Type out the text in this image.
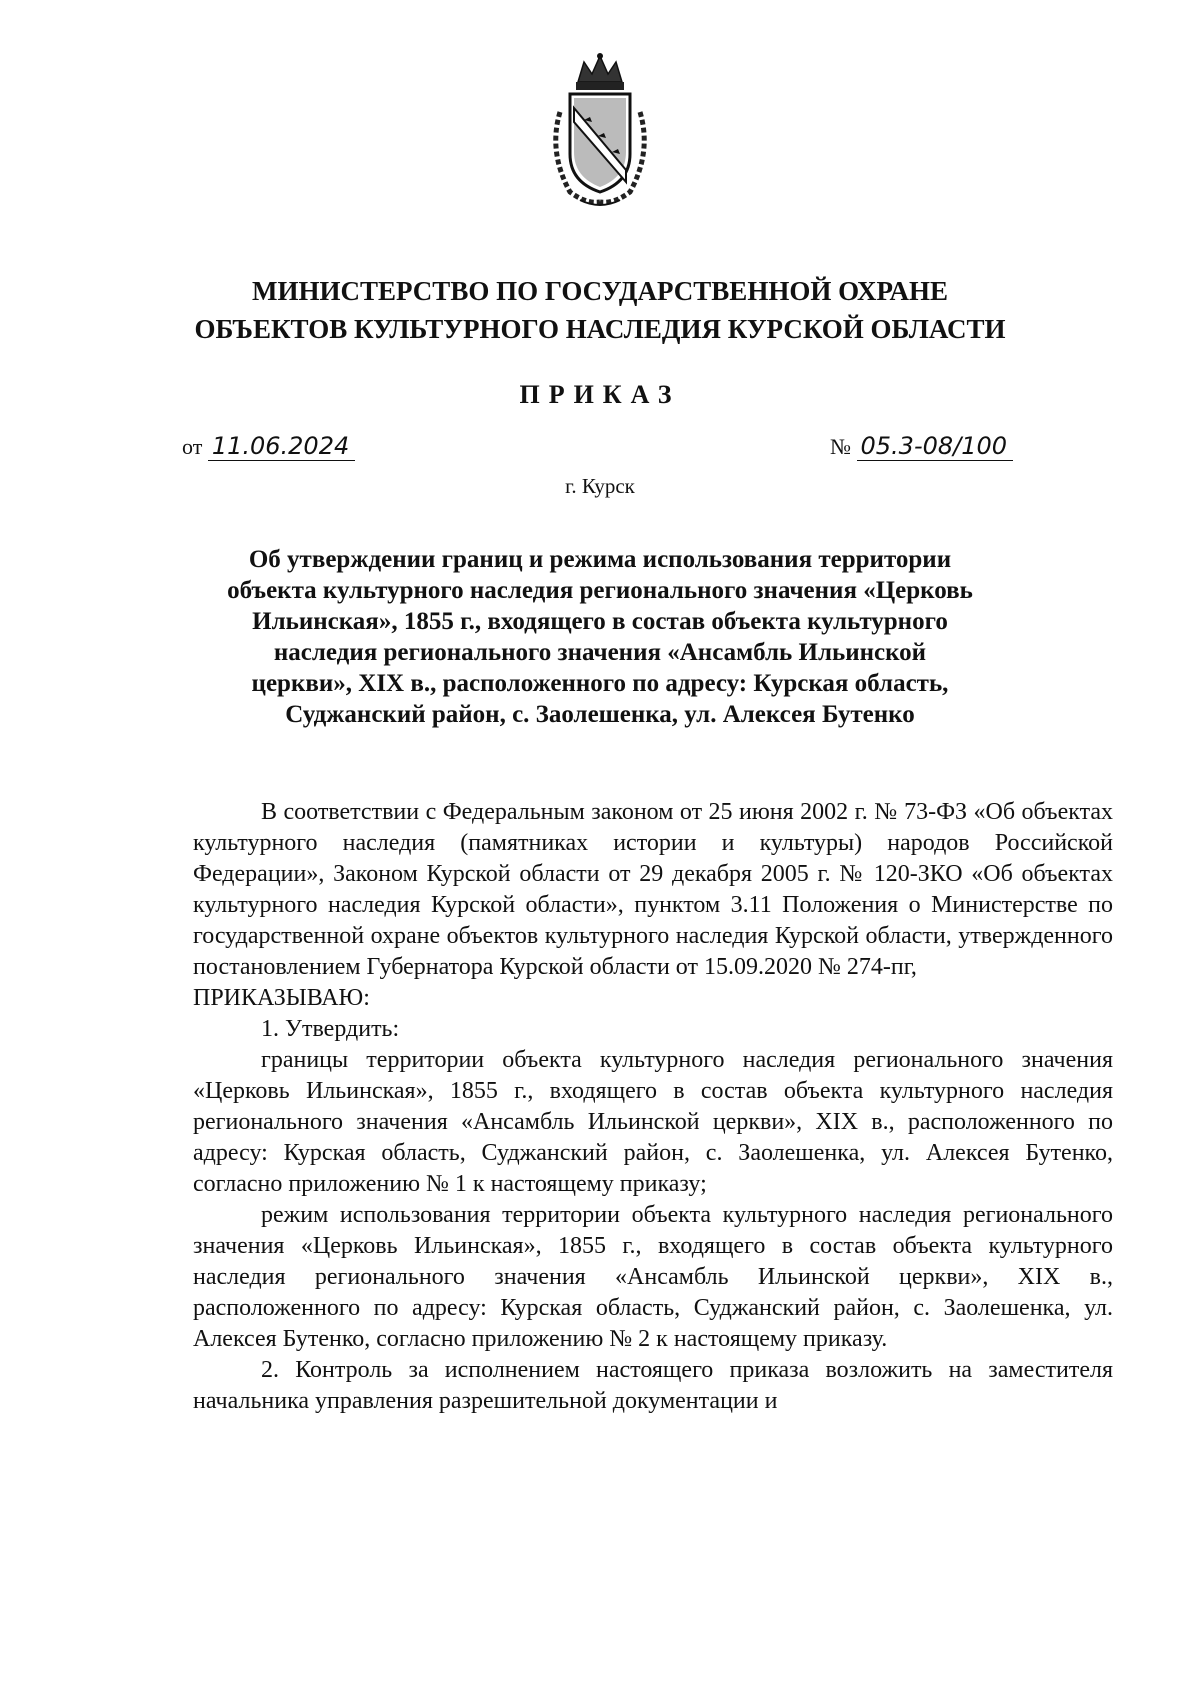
МИНИСТЕРСТВО ПО ГОСУДАРСТВЕННОЙ ОХРАНЕ
ОБЪЕКТОВ КУЛЬТУРНОГО НАСЛЕДИЯ КУРСКОЙ ОБЛАСТИ
ПРИКАЗ
от 11.06.2024	№ 05.3-08/100
г. Курск
Об утверждении границ и режима использования территории
объекта культурного наследия регионального значения «Церковь
Ильинская», 1855 г., входящего в состав объекта культурного
наследия регионального значения «Ансамбль Ильинской
церкви», XIX в., расположенного по адресу: Курская область,
Суджанский район, с. Заолешенка, ул. Алексея Бутенко

В соответствии с Федеральным законом от 25 июня 2002 г. № 73-ФЗ «Об объектах культурного наследия (памятниках истории и культуры) народов Российской Федерации», Законом Курской области от 29 декабря 2005 г. № 120-ЗКО «Об объектах культурного наследия Курской области», пунктом 3.11 Положения о Министерстве по государственной охране объектов культурного наследия Курской области, утвержденного постановлением Губернатора Курской области от 15.09.2020 № 274-пг,

ПРИКАЗЫВАЮ:

1. Утвердить:

границы территории объекта культурного наследия регионального значения «Церковь Ильинская», 1855 г., входящего в состав объекта культурного наследия регионального значения «Ансамбль Ильинской церкви», XIX в., расположенного по адресу: Курская область, Суджанский район, с. Заолешенка, ул. Алексея Бутенко, согласно приложению № 1 к настоящему приказу;

режим использования территории объекта культурного наследия регионального значения «Церковь Ильинская», 1855 г., входящего в состав объекта культурного наследия регионального значения «Ансамбль Ильинской церкви», XIX в., расположенного по адресу: Курская область, Суджанский район, с. Заолешенка, ул. Алексея Бутенко, согласно приложению № 2 к настоящему приказу.

2. Контроль за исполнением настоящего приказа возложить на заместителя начальника управления разрешительной документации и
